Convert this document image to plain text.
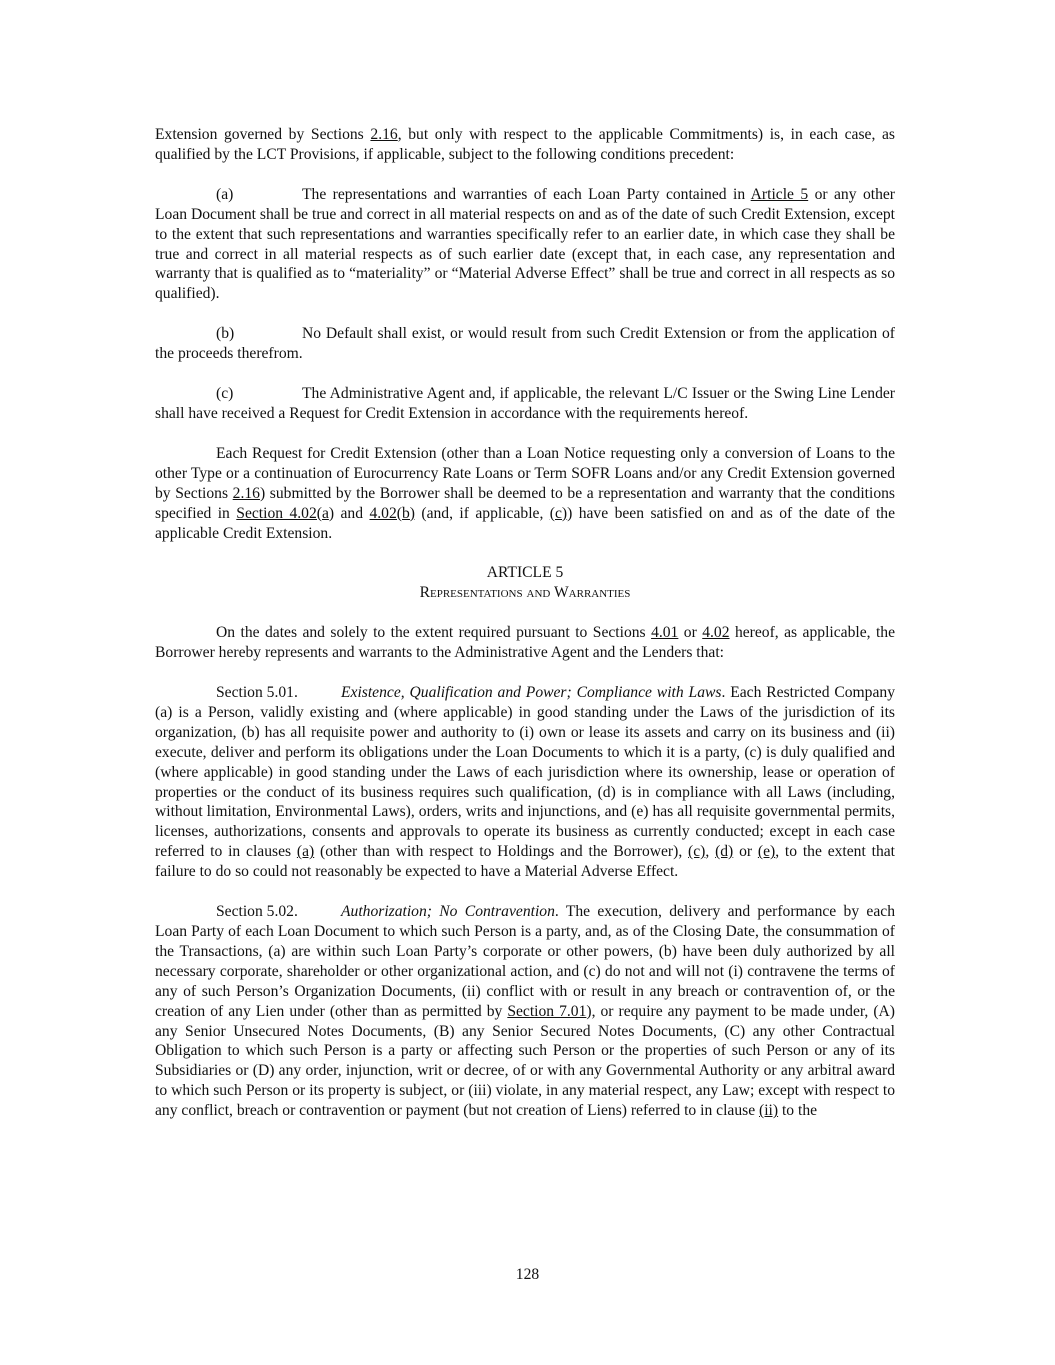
Extension governed by Sections 2.16, but only with respect to the applicable Commitments) is, in each case, as qualified by the LCT Provisions, if applicable, subject to the following conditions precedent:

(a)	The representations and warranties of each Loan Party contained in Article 5 or any other Loan Document shall be true and correct in all material respects on and as of the date of such Credit Extension, except to the extent that such representations and warranties specifically refer to an earlier date, in which case they shall be true and correct in all material respects as of such earlier date (except that, in each case, any representation and warranty that is qualified as to “materiality” or “Material Adverse Effect” shall be true and correct in all respects as so qualified).

(b)	No Default shall exist, or would result from such Credit Extension or from the application of the proceeds therefrom.

(c)	The Administrative Agent and, if applicable, the relevant L/C Issuer or the Swing Line Lender shall have received a Request for Credit Extension in accordance with the requirements hereof.

Each Request for Credit Extension (other than a Loan Notice requesting only a conversion of Loans to the other Type or a continuation of Eurocurrency Rate Loans or Term SOFR Loans and/or any Credit Extension governed by Sections 2.16) submitted by the Borrower shall be deemed to be a representation and warranty that the conditions specified in Section 4.02(a) and 4.02(b) (and, if applicable, (c)) have been satisfied on and as of the date of the applicable Credit Extension.

ARTICLE 5

Representations and Warranties

On the dates and solely to the extent required pursuant to Sections 4.01 or 4.02 hereof, as applicable, the Borrower hereby represents and warrants to the Administrative Agent and the Lenders that:

Section 5.01.	Existence, Qualification and Power; Compliance with Laws. Each Restricted Company (a) is a Person, validly existing and (where applicable) in good standing under the Laws of the jurisdiction of its organization, (b) has all requisite power and authority to (i) own or lease its assets and carry on its business and (ii) execute, deliver and perform its obligations under the Loan Documents to which it is a party, (c) is duly qualified and (where applicable) in good standing under the Laws of each jurisdiction where its ownership, lease or operation of properties or the conduct of its business requires such qualification, (d) is in compliance with all Laws (including, without limitation, Environmental Laws), orders, writs and injunctions, and (e) has all requisite governmental permits, licenses, authorizations, consents and approvals to operate its business as currently conducted; except in each case referred to in clauses (a) (other than with respect to Holdings and the Borrower), (c), (d) or (e), to the extent that failure to do so could not reasonably be expected to have a Material Adverse Effect.

Section 5.02.	Authorization; No Contravention. The execution, delivery and performance by each Loan Party of each Loan Document to which such Person is a party, and, as of the Closing Date, the consummation of the Transactions, (a) are within such Loan Party’s corporate or other powers, (b) have been duly authorized by all necessary corporate, shareholder or other organizational action, and (c) do not and will not (i) contravene the terms of any of such Person’s Organization Documents, (ii) conflict with or result in any breach or contravention of, or the creation of any Lien under (other than as permitted by Section 7.01), or require any payment to be made under, (A) any Senior Unsecured Notes Documents, (B) any Senior Secured Notes Documents, (C) any other Contractual Obligation to which such Person is a party or affecting such Person or the properties of such Person or any of its Subsidiaries or (D) any order, injunction, writ or decree, of or with any Governmental Authority or any arbitral award to which such Person or its property is subject, or (iii) violate, in any material respect, any Law; except with respect to any conflict, breach or contravention or payment (but not creation of Liens) referred to in clause (ii) to the

128
